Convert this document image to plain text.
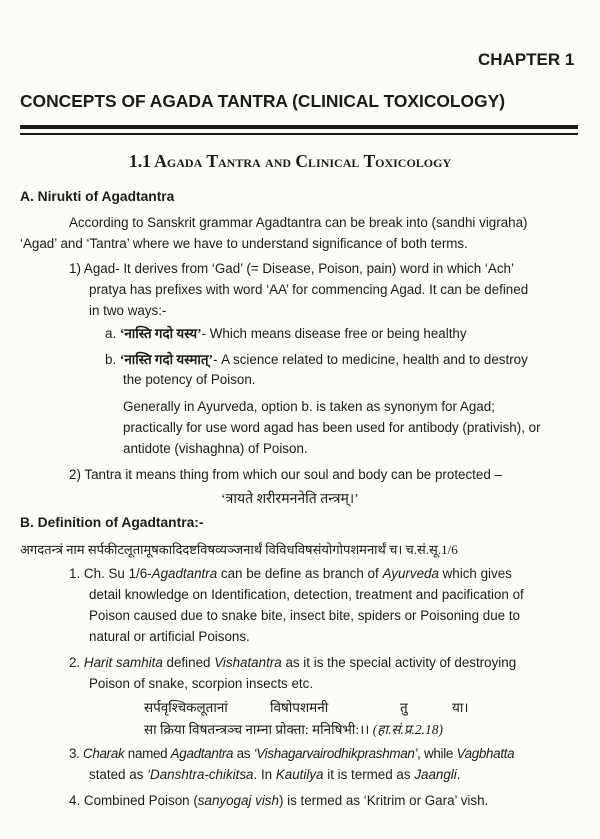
CHAPTER 1
CONCEPTS OF AGADA TANTRA (CLINICAL TOXICOLOGY)
1.1 Agada Tantra and Clinical Toxicology
A. Nirukti of Agadtantra
According to Sanskrit grammar Agadtantra can be break into (sandhi vigraha)
‘Agad’ and ‘Tantra’ where we have to understand significance of both terms.
1) Agad- It derives from ‘Gad’ (= Disease, Poison, pain) word in which ‘Ach’
pratya has prefixes with word ‘AA’ for commencing Agad. It can be defined
in two ways:-
a. ‘नास्ति गदो यस्य’- Which means disease free or being healthy
b. ‘नास्ति गदो यस्मात्’- A science related to medicine, health and to destroy
the potency of Poison.
Generally in Ayurveda, option b. is taken as synonym for Agad;
practically for use word agad has been used for antibody (prativish), or
antidote (vishaghna) of Poison.
2) Tantra it means thing from which our soul and body can be protected –
‘त्रायते शरीरमननेति तन्त्रम्।’
B. Definition of Agadtantra:-
अगदतन्त्रं नाम सर्पकीटलूतामूषकादिदष्टविषव्यञ्जनार्थं विविधविषसंयोगोपशमनार्थं च। च.सं.सू.1/6
1. Ch. Su 1/6-Agadtantra can be define as branch of Ayurveda which gives
detail knowledge on Identification, detection, treatment and pacification of
Poison caused due to snake bite, insect bite, spiders or Poisoning due to
natural or artificial Poisons.
2. Harit samhita defined Vishatantra as it is the special activity of destroying
Poison of snake, scorpion insects etc.
सर्पवृश्चिकलूतानां	विषोपशमनी	तु	या।
सा क्रिया विषतन्त्रञ्च नाम्ना प्रोक्ता: मनिषिभी:।। (हा.सं.प्र.2.18)
3. Charak named Agadtantra as ‘Vishagarvairodhikprashman’, while Vagbhatta
stated as ‘Danshtra-chikitsa. In Kautilya it is termed as Jaangli.
4. Combined Poison (sanyogaj vish) is termed as ‘Kritrim or Gara’ vish.
